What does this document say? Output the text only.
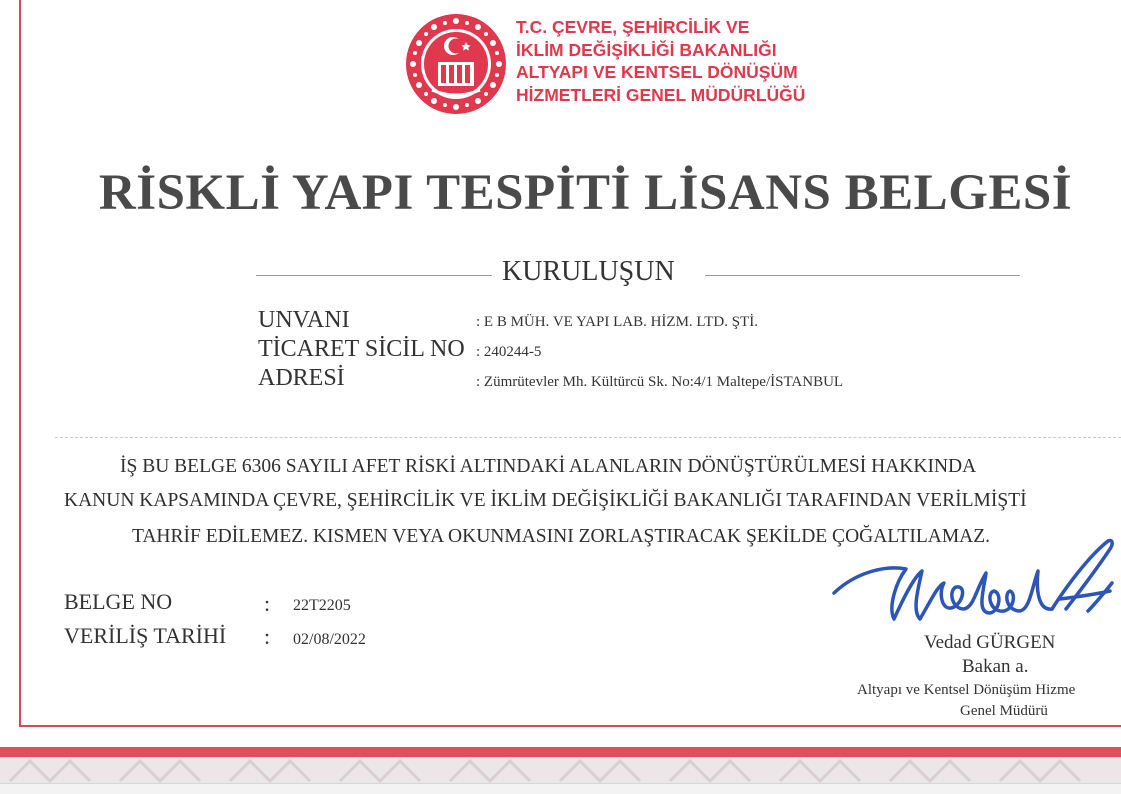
T.C. ÇEVRE, ŞEHİRCİLİK VE
İKLİM DEĞİŞİKLİĞİ BAKANLIĞI
ALTYAPI VE KENTSEL DÖNÜŞÜM
HİZMETLERİ GENEL MÜDÜRLÜĞÜ
RİSKLİ YAPI TESPİTİ LİSANS BELGESİ
KURULUŞUN
UNVANI	: E B MÜH. VE YAPI LAB. HİZM. LTD. ŞTİ.
TİCARET SİCİL NO : 240244-5
ADRESİ	: Zümrütevler Mh. Kültürcü Sk. No:4/1 Maltepe/İSTANBUL
İŞ BU BELGE 6306 SAYILI AFET RİSKİ ALTINDAKİ ALANLARIN DÖNÜŞTÜRÜLMESİ HAKKINDA
KANUN KAPSAMINDA ÇEVRE, ŞEHİRCİLİK VE İKLİM DEĞİŞİKLİĞİ BAKANLIĞI TARAFINDAN VERİLMİŞTİ
TAHRİF EDİLEMEZ. KISMEN VEYA OKUNMASINI ZORLAŞTIRACAK ŞEKİLDE ÇOĞALTILAMAZ.
BELGE NO	: 22T2205
VERİLİŞ TARİHİ : 02/08/2022	Vedad GÜRGEN
Bakan a.
Altyapı ve Kentsel Dönüşüm Hizme
Genel Müdürü
